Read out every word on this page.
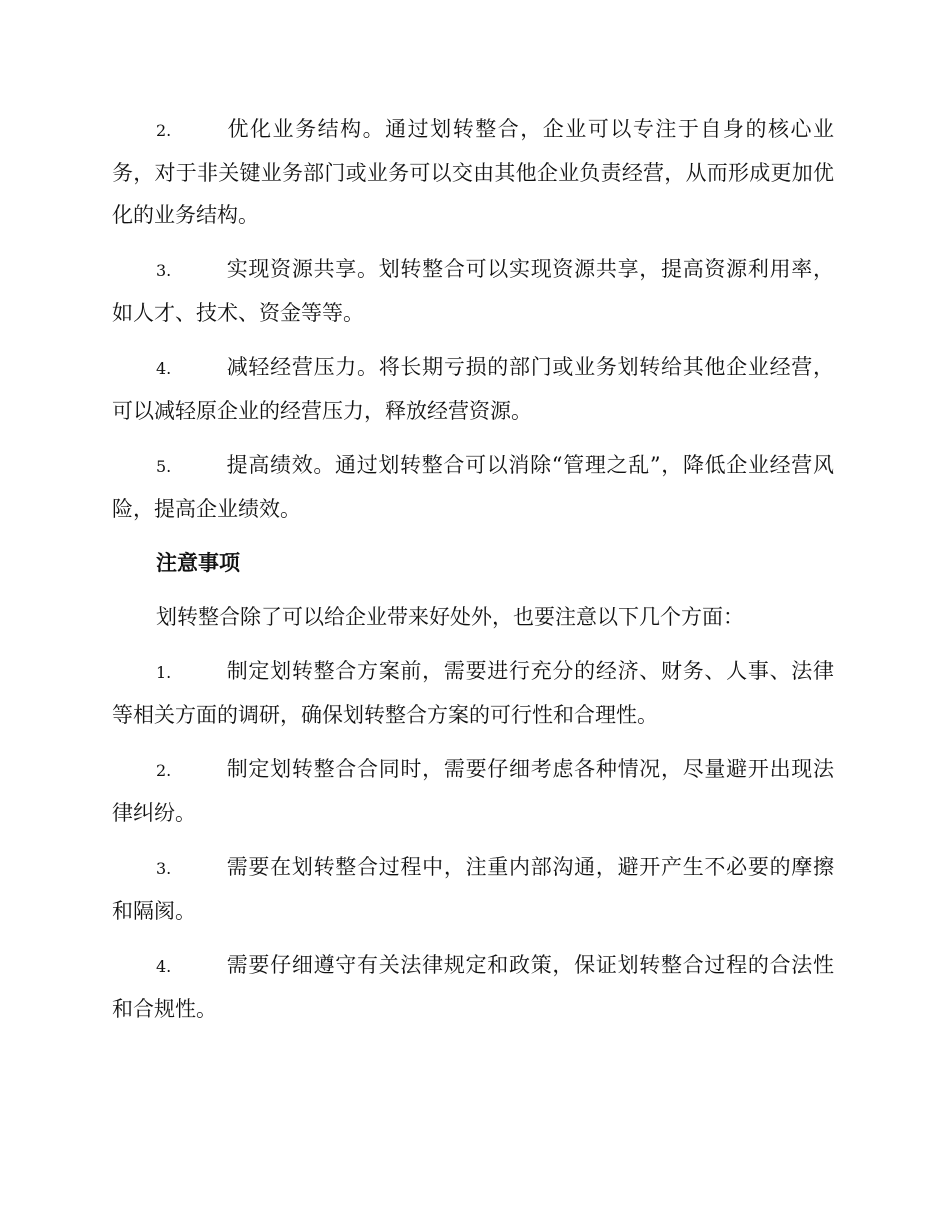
2.	优化业务结构。通过划转整合，企业可以专注于自身的核心业务，对于非关键业务部门或业务可以交由其他企业负责经营，从而形成更加优化的业务结构。

3.	实现资源共享。划转整合可以实现资源共享，提高资源利用率，如人才、技术、资金等等。

4.	减轻经营压力。将长期亏损的部门或业务划转给其他企业经营，可以减轻原企业的经营压力，释放经营资源。

5.	提高绩效。通过划转整合可以消除“管理之乱”，降低企业经营风险，提高企业绩效。

注意事项

划转整合除了可以给企业带来好处外，也要注意以下几个方面：

1.	制定划转整合方案前，需要进行充分的经济、财务、人事、法律等相关方面的调研，确保划转整合方案的可行性和合理性。

2.	制定划转整合合同时，需要仔细考虑各种情况，尽量避开出现法律纠纷。

3.	需要在划转整合过程中，注重内部沟通，避开产生不必要的摩擦和隔阂。

4.	需要仔细遵守有关法律规定和政策，保证划转整合过程的合法性和合规性。
